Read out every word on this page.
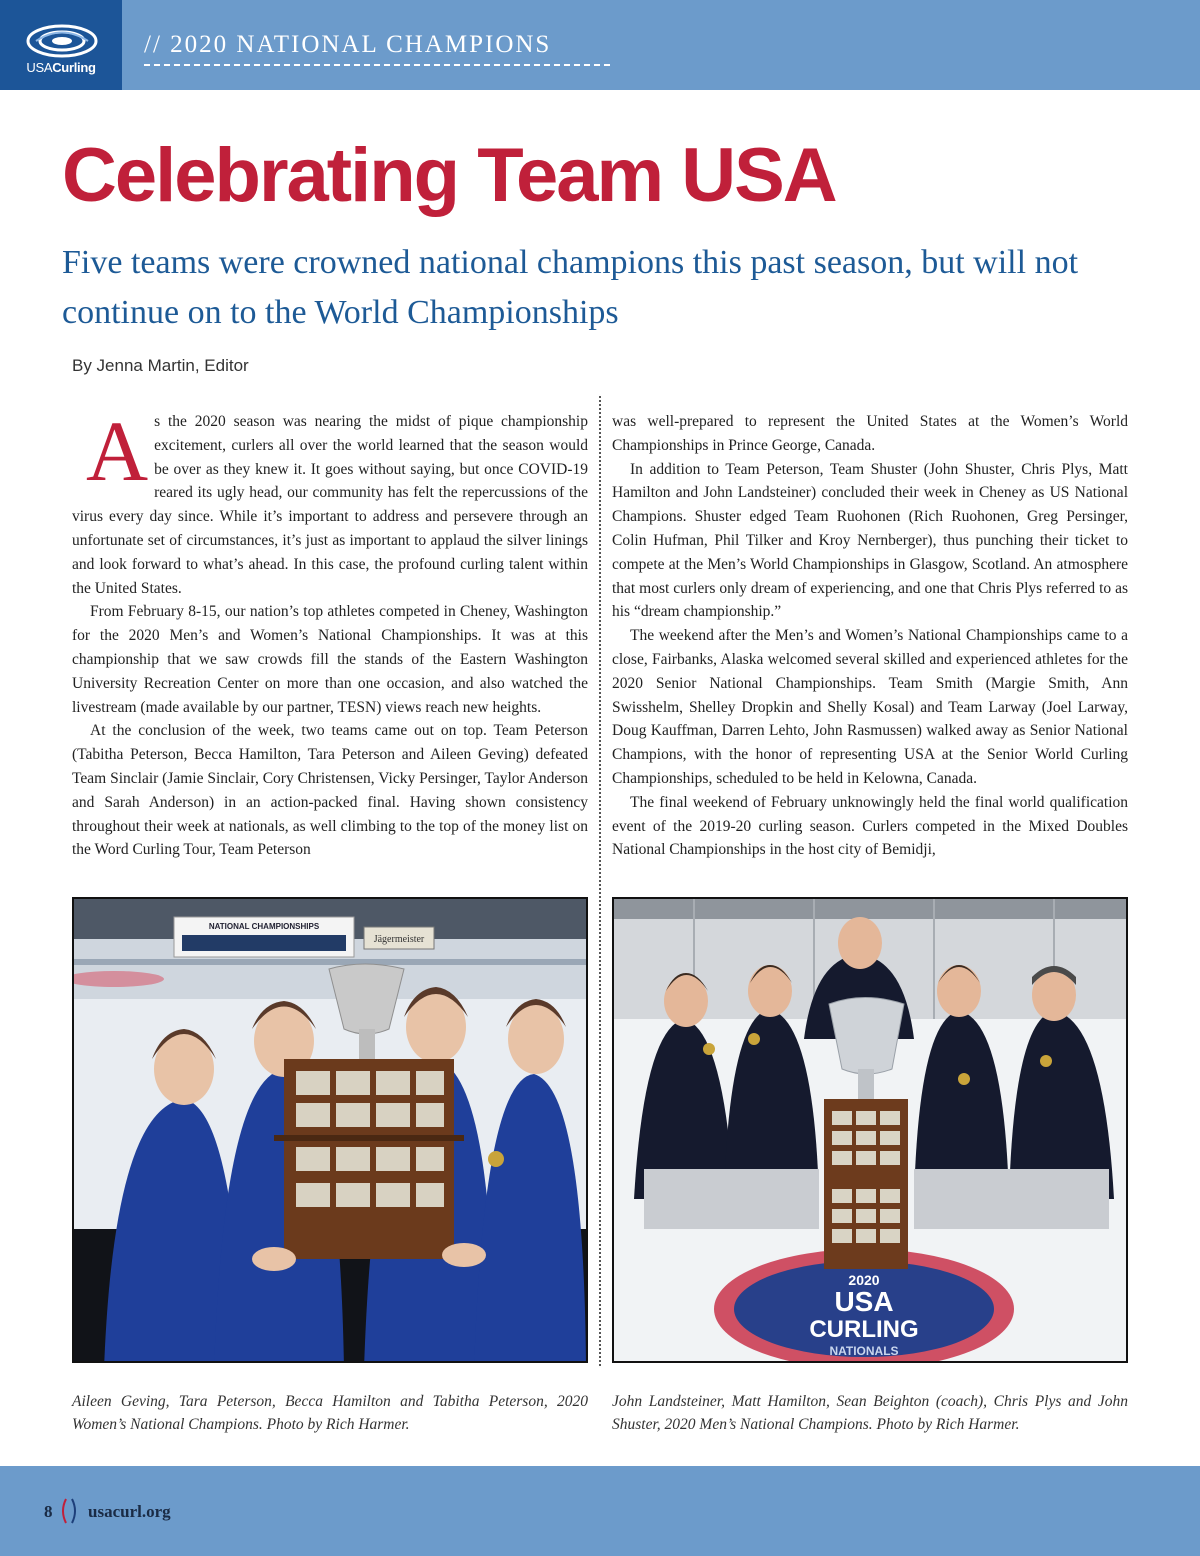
USACurling
// 2020 NATIONAL CHAMPIONS
Celebrating Team USA

Five teams were crowned national champions this past season, but will not continue on to the World Championships

By Jenna Martin, Editor

As the 2020 season was nearing the midst of pique championship excitement, curlers all over the world learned that the season would be over as they knew it. It goes without saying, but once COVID-19 reared its ugly head, our community has felt the repercussions of the virus every day since. While it’s important to address and persevere through an unfortunate set of circumstances, it’s just as important to applaud the silver linings and look forward to what’s ahead. In this case, the profound curling talent within the United States.

From February 8-15, our nation’s top athletes competed in Cheney, Washington for the 2020 Men’s and Women’s National Championships. It was at this championship that we saw crowds fill the stands of the Eastern Washington University Recreation Center on more than one occasion, and also watched the livestream (made available by our partner, TESN) views reach new heights.

At the conclusion of the week, two teams came out on top. Team Peterson (Tabitha Peterson, Becca Hamilton, Tara Peterson and Aileen Geving) defeated Team Sinclair (Jamie Sinclair, Cory Christensen, Vicky Persinger, Taylor Anderson and Sarah Anderson) in an action-packed final. Having shown consistency throughout their week at nationals, as well climbing to the top of the money list on the Word Curling Tour, Team Peterson

was well-prepared to represent the United States at the Women’s World Championships in Prince George, Canada.

In addition to Team Peterson, Team Shuster (John Shuster, Chris Plys, Matt Hamilton and John Landsteiner) concluded their week in Cheney as US National Champions. Shuster edged Team Ruohonen (Rich Ruohonen, Greg Persinger, Colin Hufman, Phil Tilker and Kroy Nernberger), thus punching their ticket to compete at the Men’s World Championships in Glasgow, Scotland. An atmosphere that most curlers only dream of experiencing, and one that Chris Plys referred to as his “dream championship.”

The weekend after the Men’s and Women’s National Championships came to a close, Fairbanks, Alaska welcomed several skilled and experienced athletes for the 2020 Senior National Championships. Team Smith (Margie Smith, Ann Swisshelm, Shelley Dropkin and Shelly Kosal) and Team Larway (Joel Larway, Doug Kauffman, Darren Lehto, John Rasmussen) walked away as Senior National Champions, with the honor of representing USA at the Senior World Curling Championships, scheduled to be held in Kelowna, Canada.

The final weekend of February unknowingly held the final world qualification event of the 2019-20 curling season. Curlers competed in the Mixed Doubles National Championships in the host city of Bemidji,

NATIONAL CHAMPIONSHIPS
Jägermeister
2020
USA
CURLING
NATIONALS
Aileen Geving, Tara Peterson, Becca Hamilton and Tabitha Peterson, 2020 Women’s National Champions. Photo by Rich Harmer.
John Landsteiner, Matt Hamilton, Sean Beighton (coach), Chris Plys and John Shuster, 2020 Men’s National Champions. Photo by Rich Harmer.
8 usacurl.org
